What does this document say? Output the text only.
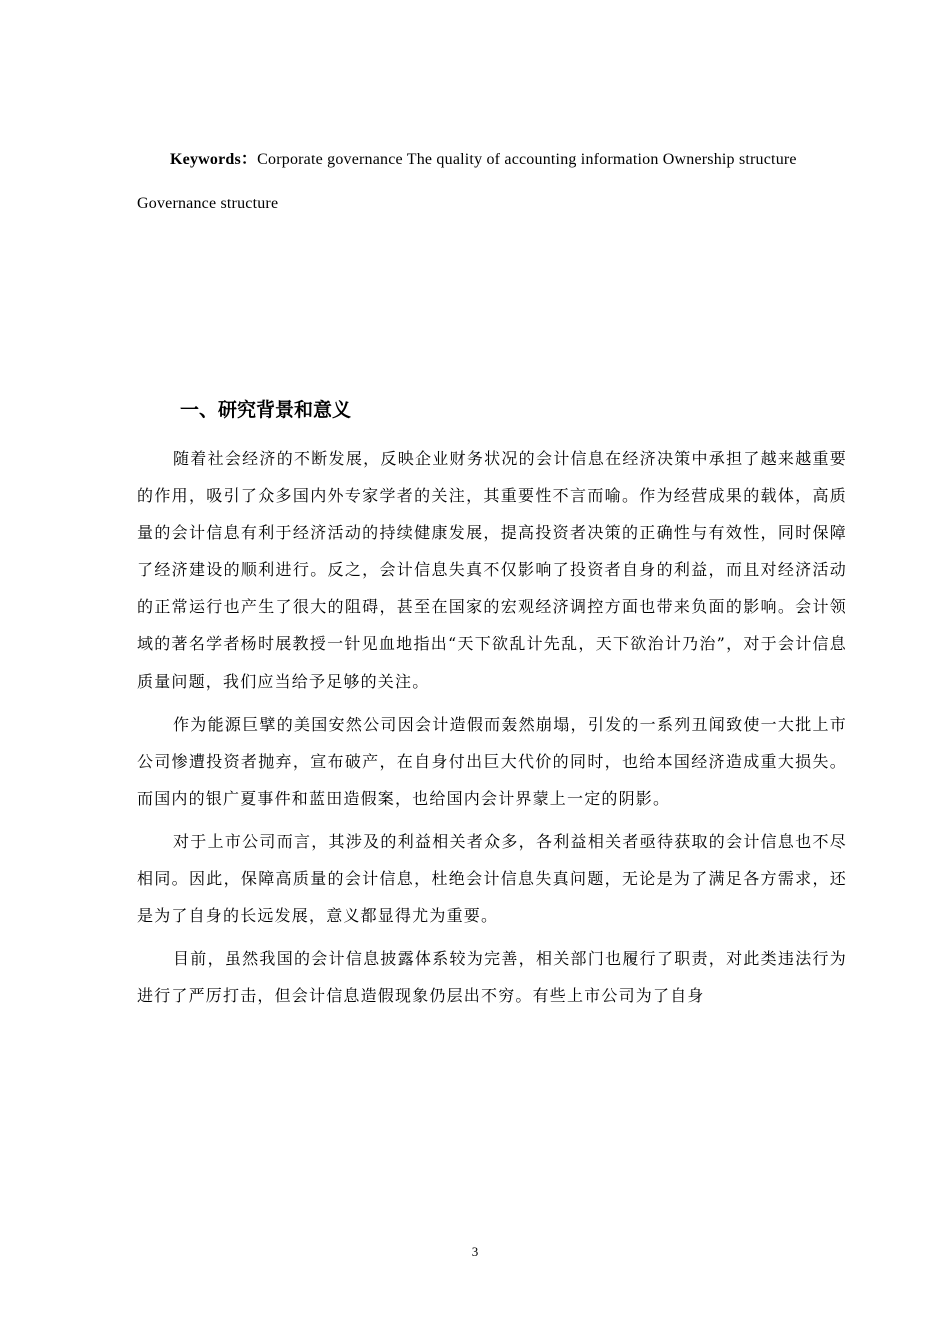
Keywords：Corporate governance The quality of accounting information Ownership structure Governance structure

一、研究背景和意义

随着社会经济的不断发展，反映企业财务状况的会计信息在经济决策中承担了越来越重要的作用，吸引了众多国内外专家学者的关注，其重要性不言而喻。作为经营成果的载体，高质量的会计信息有利于经济活动的持续健康发展，提高投资者决策的正确性与有效性，同时保障了经济建设的顺利进行。反之，会计信息失真不仅影响了投资者自身的利益，而且对经济活动的正常运行也产生了很大的阻碍，甚至在国家的宏观经济调控方面也带来负面的影响。会计领域的著名学者杨时展教授一针见血地指出“天下欲乱计先乱，天下欲治计乃治”，对于会计信息质量问题，我们应当给予足够的关注。

作为能源巨擘的美国安然公司因会计造假而轰然崩塌，引发的一系列丑闻致使一大批上市公司惨遭投资者抛弃，宣布破产，在自身付出巨大代价的同时，也给本国经济造成重大损失。而国内的银广夏事件和蓝田造假案，也给国内会计界蒙上一定的阴影。

对于上市公司而言，其涉及的利益相关者众多，各利益相关者亟待获取的会计信息也不尽相同。因此，保障高质量的会计信息，杜绝会计信息失真问题，无论是为了满足各方需求，还是为了自身的长远发展，意义都显得尤为重要。

目前，虽然我国的会计信息披露体系较为完善，相关部门也履行了职责，对此类违法行为进行了严厉打击，但会计信息造假现象仍层出不穷。有些上市公司为了自身

3
